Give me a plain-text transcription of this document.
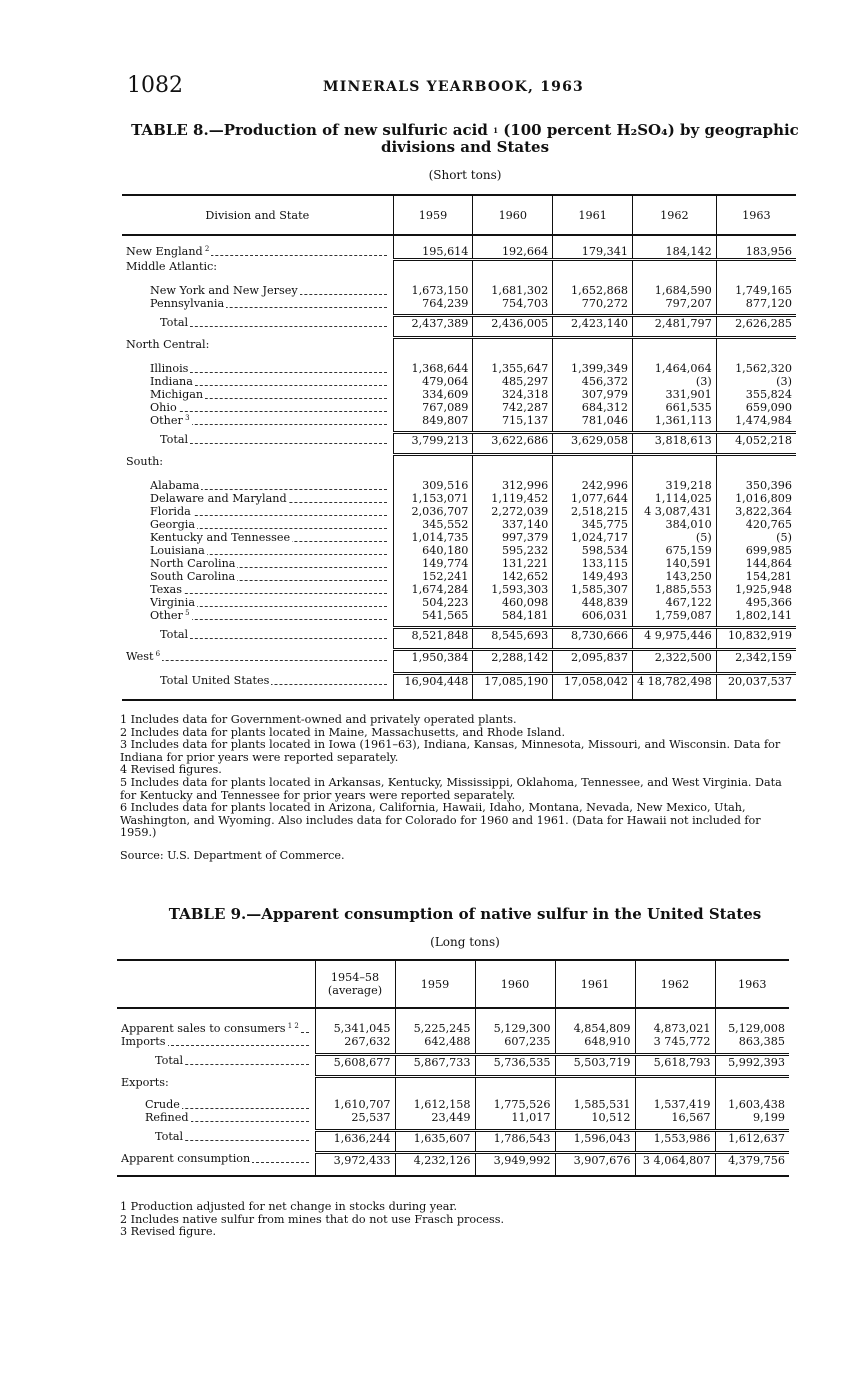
1082	MINERALS YEARBOOK, 1963
TABLE 8.—Production of new sulfuric acid $^1$ (100 percent H₂SO₄) by geographic
divisions and States
(Short tons)
Division and State	1959	1960	1961	1962	1963

New England $^2$	195,614	192,664	179,341	184,142	183,956

Middle Atlantic:					

New York and New Jersey	1,673,150	1,681,302	1,652,868	1,684,590	1,749,165

Pennsylvania	764,239	754,703	770,272	797,207	877,120

Total	2,437,389	2,436,005	2,423,140	2,481,797	2,626,285

North Central:					

Illinois	1,368,644	1,355,647	1,399,349	1,464,064	1,562,320

Indiana	479,064	485,297	456,372	(3)	(3)

Michigan	334,609	324,318	307,979	331,901	355,824

Ohio	767,089	742,287	684,312	661,535	659,090

Other $^3$	849,807	715,137	781,046	1,361,113	1,474,984

Total	3,799,213	3,622,686	3,629,058	3,818,613	4,052,218

South:					

Alabama	309,516	312,996	242,996	319,218	350,396

Delaware and Maryland	1,153,071	1,119,452	1,077,644	1,114,025	1,016,809

Florida	2,036,707	2,272,039	2,518,215	4 3,087,431	3,822,364

Georgia	345,552	337,140	345,775	384,010	420,765

Kentucky and Tennessee	1,014,735	997,379	1,024,717	(5)	(5)

Louisiana	640,180	595,232	598,534	675,159	699,985

North Carolina	149,774	131,221	133,115	140,591	144,864

South Carolina	152,241	142,652	149,493	143,250	154,281

Texas	1,674,284	1,593,303	1,585,307	1,885,553	1,925,948

Virginia	504,223	460,098	448,839	467,122	495,366

Other $^5$	541,565	584,181	606,031	1,759,087	1,802,141

Total	8,521,848	8,545,693	8,730,666	4 9,975,446	10,832,919

West $^6$	1,950,384	2,288,142	2,095,837	2,322,500	2,342,159

Total United States	16,904,448	17,085,190	17,058,042	4 18,782,498	20,037,537

1 Includes data for Government-owned and privately operated plants.

2 Includes data for plants located in Maine, Massachusetts, and Rhode Island.

3 Includes data for plants located in Iowa (1961–63), Indiana, Kansas, Minnesota, Missouri, and Wisconsin. Data for Indiana for prior years were reported separately.

4 Revised figures.

5 Includes data for plants located in Arkansas, Kentucky, Mississippi, Oklahoma, Tennessee, and West Virginia. Data for Kentucky and Tennessee for prior years were reported separately.

6 Includes data for plants located in Arizona, California, Hawaii, Idaho, Montana, Nevada, New Mexico, Utah, Washington, and Wyoming. Also includes data for Colorado for 1960 and 1961. (Data for Hawaii not included for 1959.)

Source: U.S. Department of Commerce.

TABLE 9.—Apparent consumption of native sulfur in the United States
(Long tons)
	1954–58
(average)	1959	1960	1961	1962	1963

Apparent sales to consumers $^{1 2}$	5,341,045	5,225,245	5,129,300	4,854,809	4,873,021	5,129,008

Imports	267,632	642,488	607,235	648,910	3 745,772	863,385

Total	5,608,677	5,867,733	5,736,535	5,503,719	5,618,793	5,992,393

Exports:						

Crude	1,610,707	1,612,158	1,775,526	1,585,531	1,537,419	1,603,438

Refined	25,537	23,449	11,017	10,512	16,567	9,199

Total	1,636,244	1,635,607	1,786,543	1,596,043	1,553,986	1,612,637

Apparent consumption	3,972,433	4,232,126	3,949,992	3,907,676	3 4,064,807	4,379,756

1 Production adjusted for net change in stocks during year.

2 Includes native sulfur from mines that do not use Frasch process.

3 Revised figure.
